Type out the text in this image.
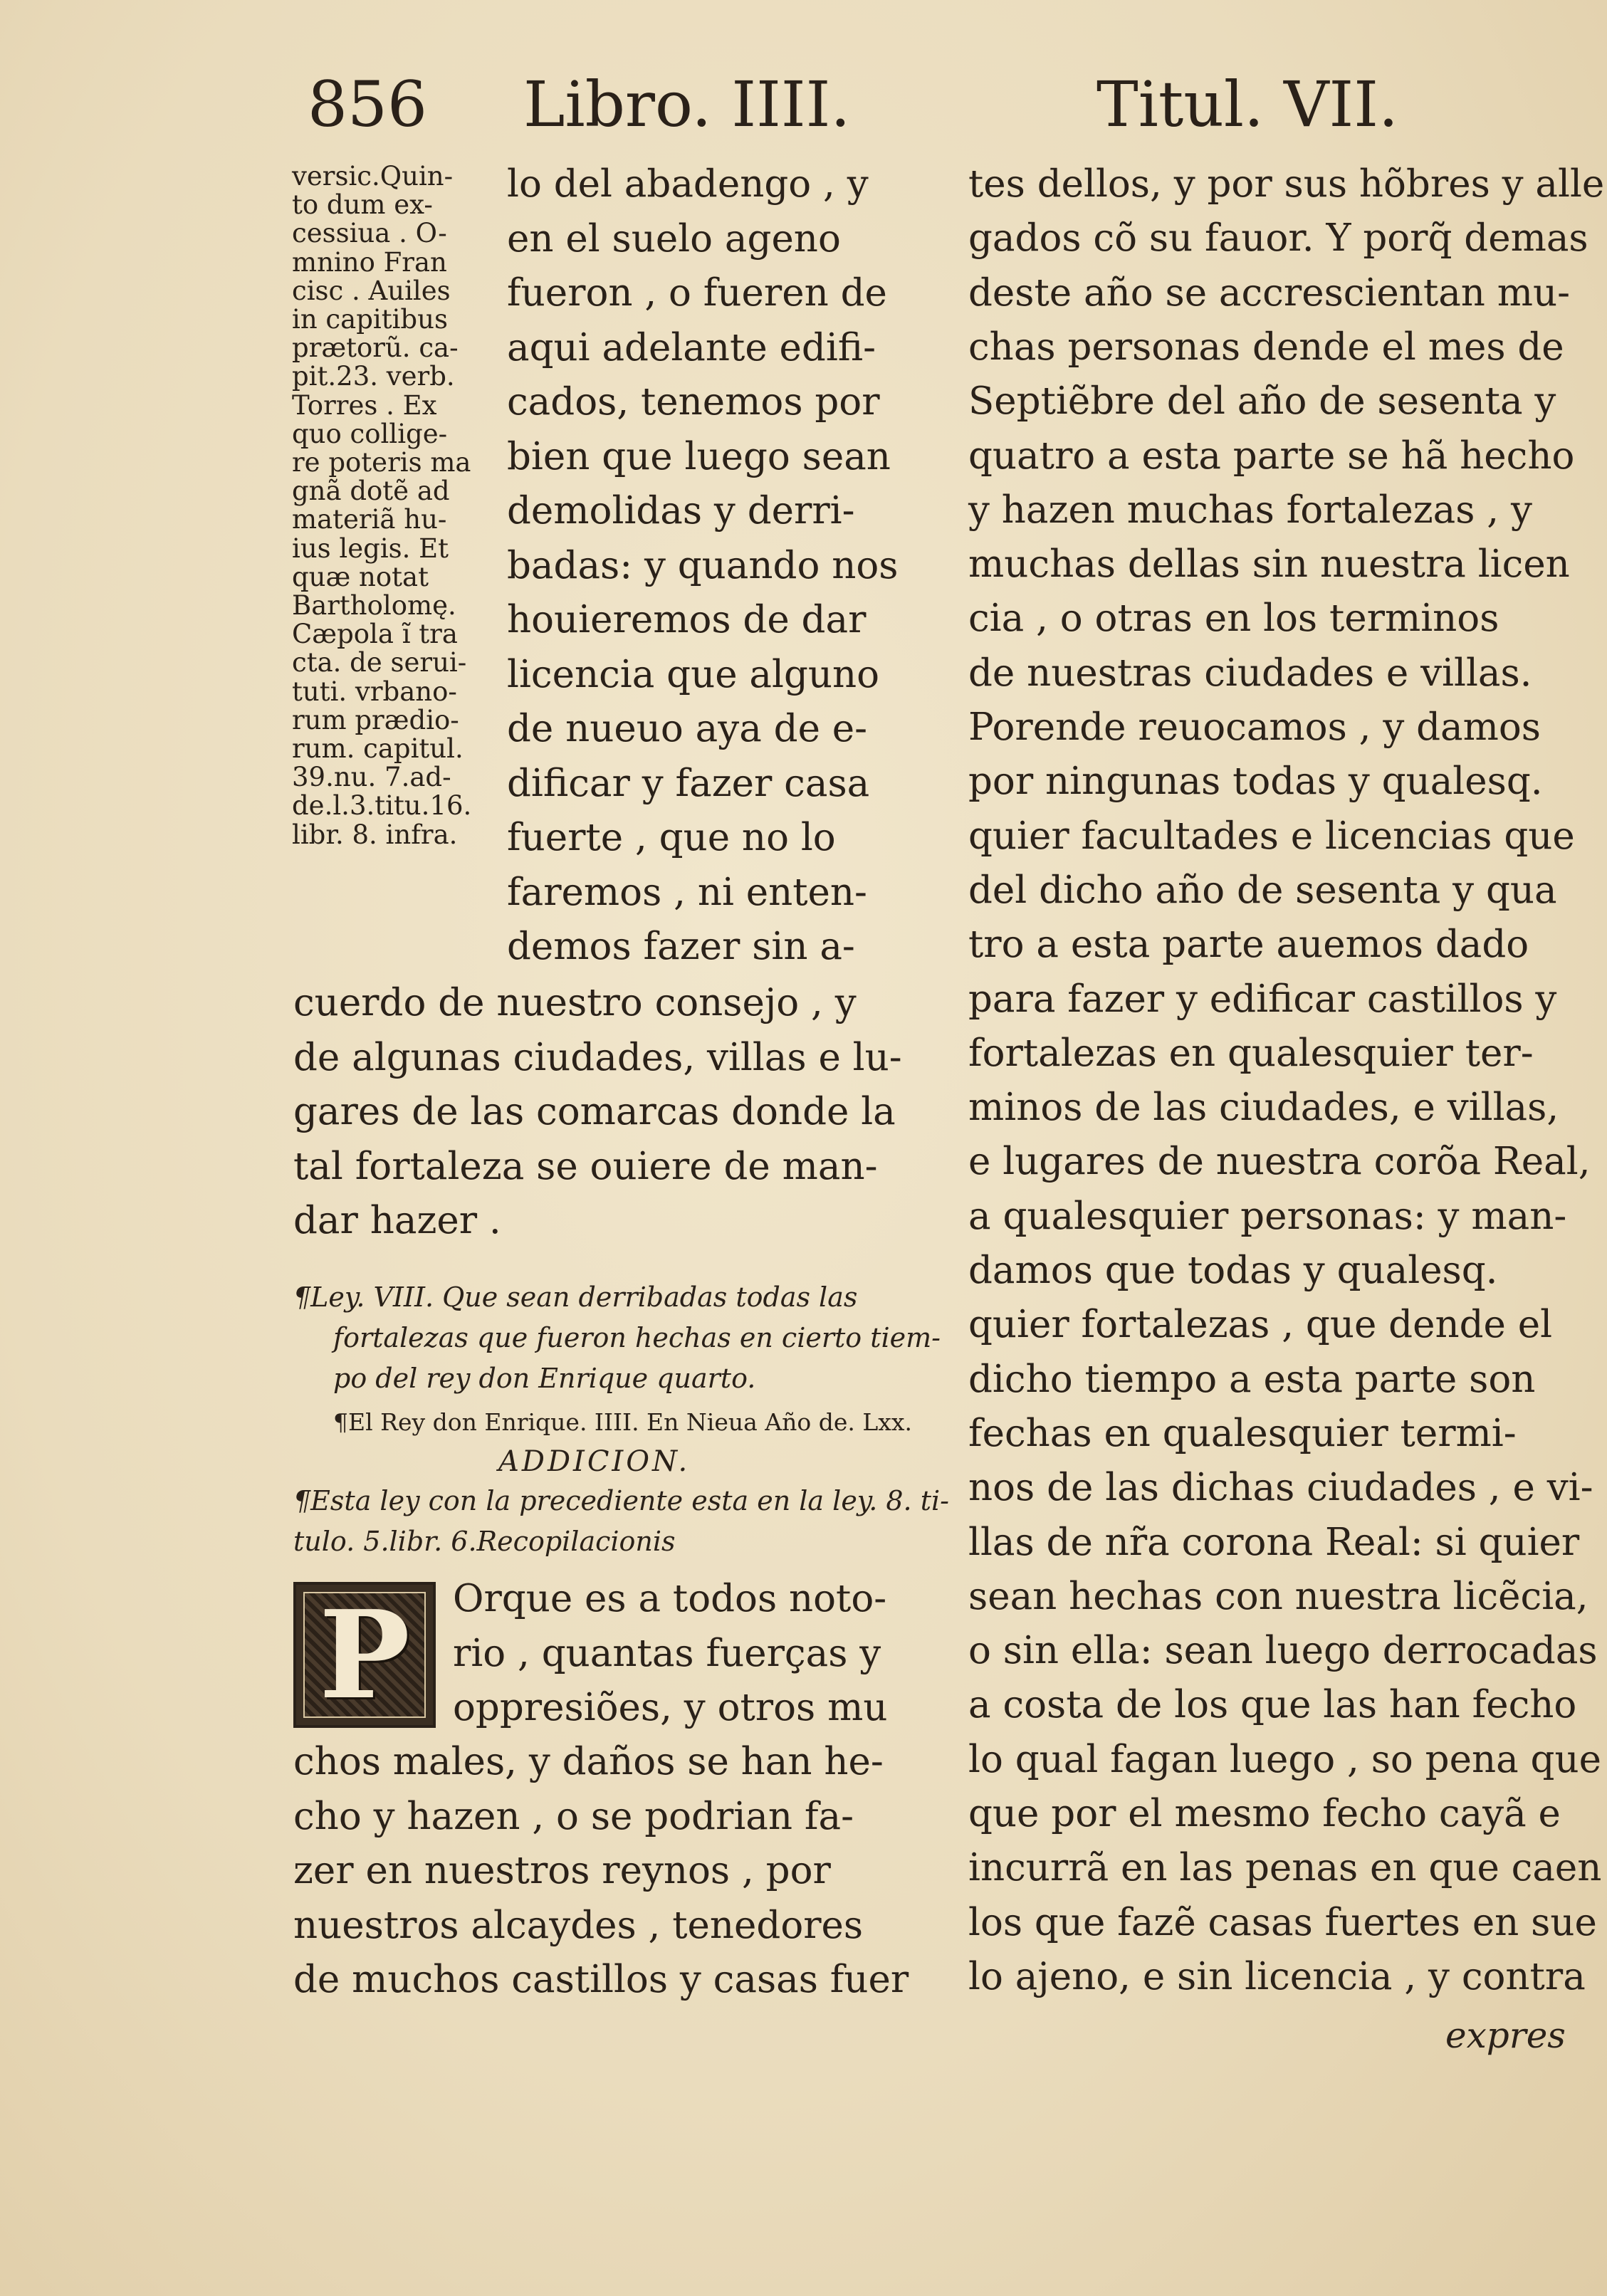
856 Libro. IIII.	Titul. VII.
versic.Quin-
to dum ex-
cessiua . O-
mnino Fran
cisc . Auiles
in capitibus
prætorũ. ca-
pit.23. verb.
Torres . Ex
quo collige-
re poteris ma
gnã dotẽ ad
materiã hu-
ius legis. Et
quæ notat
Bartholomę.
Cæpola ĩ tra
cta. de serui-
tuti. vrbano-
rum prædio-
rum. capitul.
39.nu. 7.ad-
de.l.3.titu.16.
libr. 8. infra.
lo del abadengo , y
en el suelo ageno
fueron , o fueren de
aqui adelante edifi-
cados, tenemos por
bien que luego sean
demolidas y derri-
badas: y quando nos
houieremos de dar
licencia que alguno
de nueuo aya de e-
dificar y fazer casa
fuerte , que no lo
faremos , ni enten-
demos fazer sin a-
cuerdo de nuestro consejo , y
de algunas ciudades, villas e lu-
gares de las comarcas donde la
tal fortaleza se ouiere de man-
dar hazer .
¶Ley. VIII. Que sean derribadas todas las
fortalezas que fueron hechas en cierto tiem-
po del rey don Enrique quarto.
¶El Rey don Enrique. IIII. En Nieua Año de. Lxx.
ADDICION.
¶Esta ley con la precediente esta en la ley. 8. ti-
tulo. 5.libr. 6.Recopilacionis
P	Orque es a todos noto-
rio , quantas fuerças y
oppresiões, y otros mu
chos males, y daños se han he-
cho y hazen , o se podrian fa-
zer en nuestros reynos , por
nuestros alcaydes , tenedores
de muchos castillos y casas fuer
tes dellos, y por sus hõbres y alle
gados cõ su fauor. Y porq̃ demas
deste año se accrescientan mu-
chas personas dende el mes de
Septiẽbre del año de sesenta y
quatro a esta parte se hã hecho
y hazen muchas fortalezas , y
muchas dellas sin nuestra licen
cia , o otras en los terminos
de nuestras ciudades e villas.
Porende reuocamos , y damos
por ningunas todas y qualesq.
quier facultades e licencias que
del dicho año de sesenta y qua
tro a esta parte auemos dado
para fazer y edificar castillos y
fortalezas en qualesquier ter-
minos de las ciudades, e villas,
e lugares de nuestra corõa Real,
a qualesquier personas: y man-
damos que todas y qualesq.
quier fortalezas , que dende el
dicho tiempo a esta parte son
fechas en qualesquier termi-
nos de las dichas ciudades , e vi-
llas de nr̃a corona Real: si quier
sean hechas con nuestra licẽcia,
o sin ella: sean luego derrocadas
a costa de los que las han fecho
lo qual fagan luego , so pena que
que por el mesmo fecho cayã e
incurrã en las penas en que caen
los que fazẽ casas fuertes en sue
lo ajeno, e sin licencia , y contra
expres
